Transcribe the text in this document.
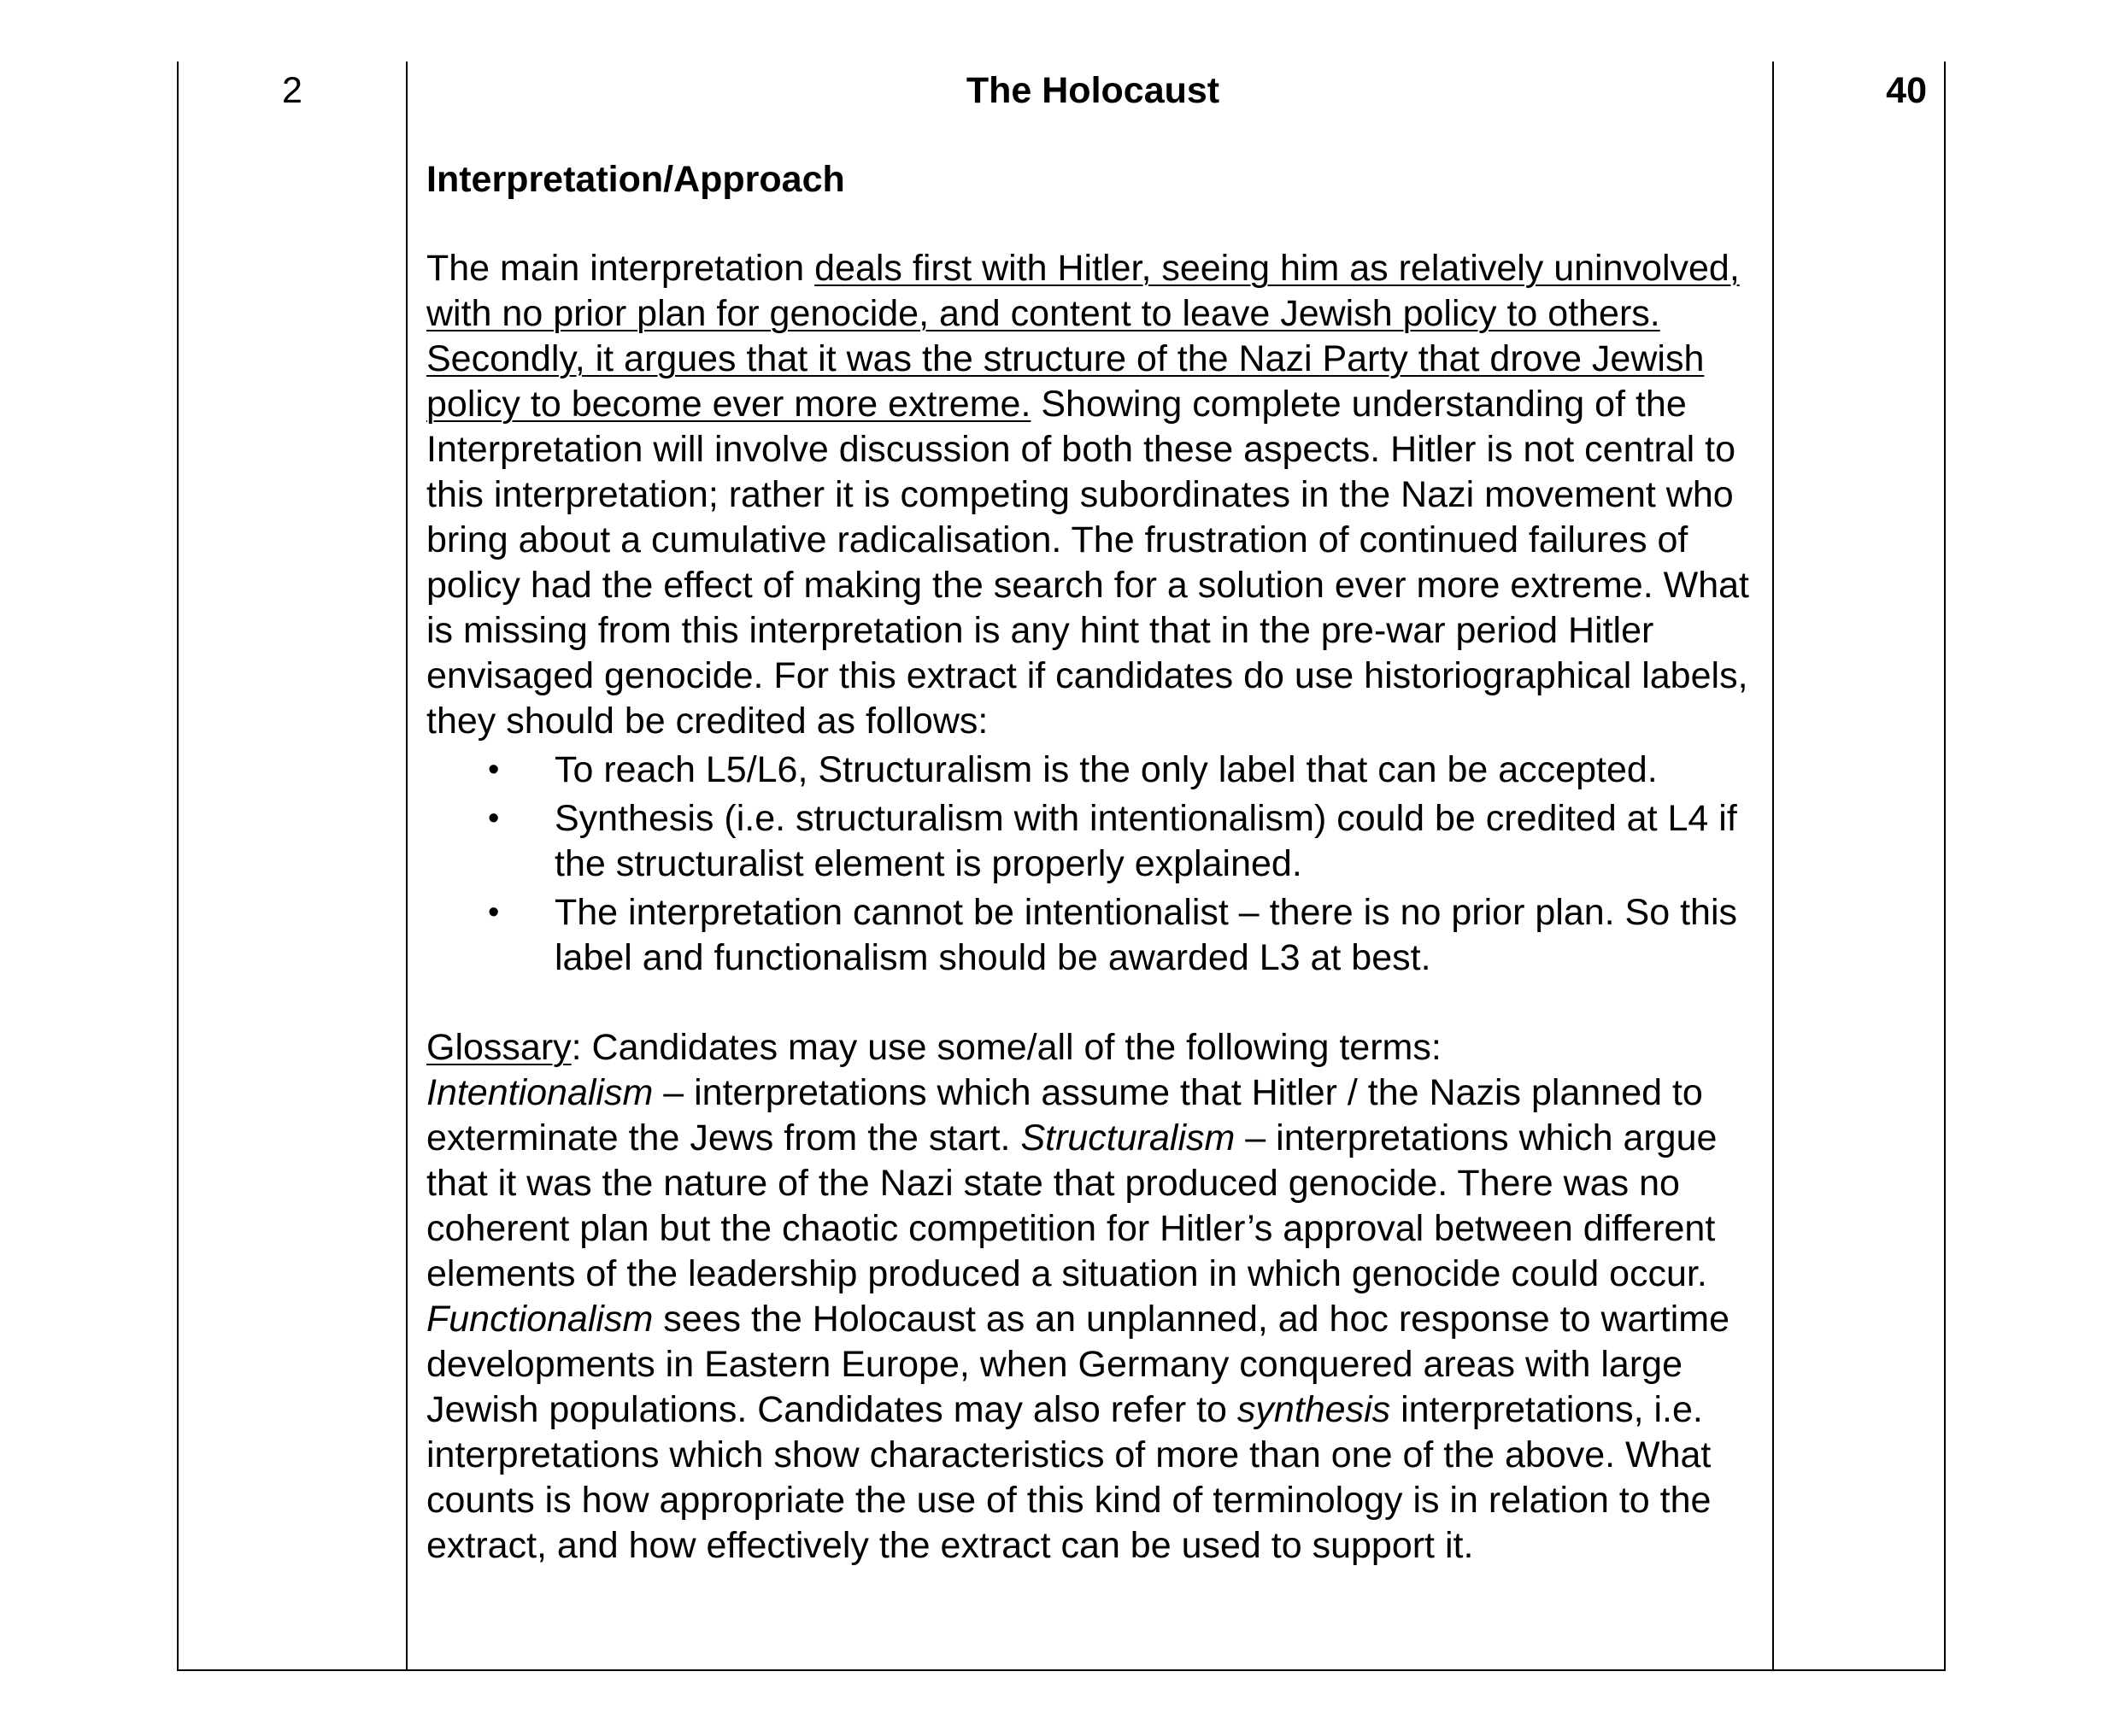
2	The Holocaust

Interpretation/Approach

The main interpretation deals first with Hitler, seeing him as relatively uninvolved, with no prior plan for genocide, and content to leave Jewish policy to others. Secondly, it argues that it was the structure of the Nazi Party that drove Jewish policy to become ever more extreme. Showing complete understanding of the Interpretation will involve discussion of both these aspects. Hitler is not central to this interpretation; rather it is competing subordinates in the Nazi movement who bring about a cumulative radicalisation. The frustration of continued failures of policy had the effect of making the search for a solution ever more extreme. What is missing from this interpretation is any hint that in the pre-war period Hitler envisaged genocide. For this extract if candidates do use historiographical labels, they should be credited as follows:

• To reach L5/L6, Structuralism is the only label that can be accepted.
• Synthesis (i.e. structuralism with intentionalism) could be credited at L4 if the structuralist element is properly explained.
• The interpretation cannot be intentionalist – there is no prior plan. So this label and functionalism should be awarded L3 at best.

Glossary: Candidates may use some/all of the following terms:
Intentionalism – interpretations which assume that Hitler / the Nazis planned to exterminate the Jews from the start. Structuralism – interpretations which argue that it was the nature of the Nazi state that produced genocide. There was no coherent plan but the chaotic competition for Hitler’s approval between different elements of the leadership produced a situation in which genocide could occur. Functionalism sees the Holocaust as an unplanned, ad hoc response to wartime developments in Eastern Europe, when Germany conquered areas with large Jewish populations. Candidates may also refer to synthesis interpretations, i.e. interpretations which show characteristics of more than one of the above. What counts is how appropriate the use of this kind of terminology is in relation to the extract, and how effectively the extract can be used to support it.

40
